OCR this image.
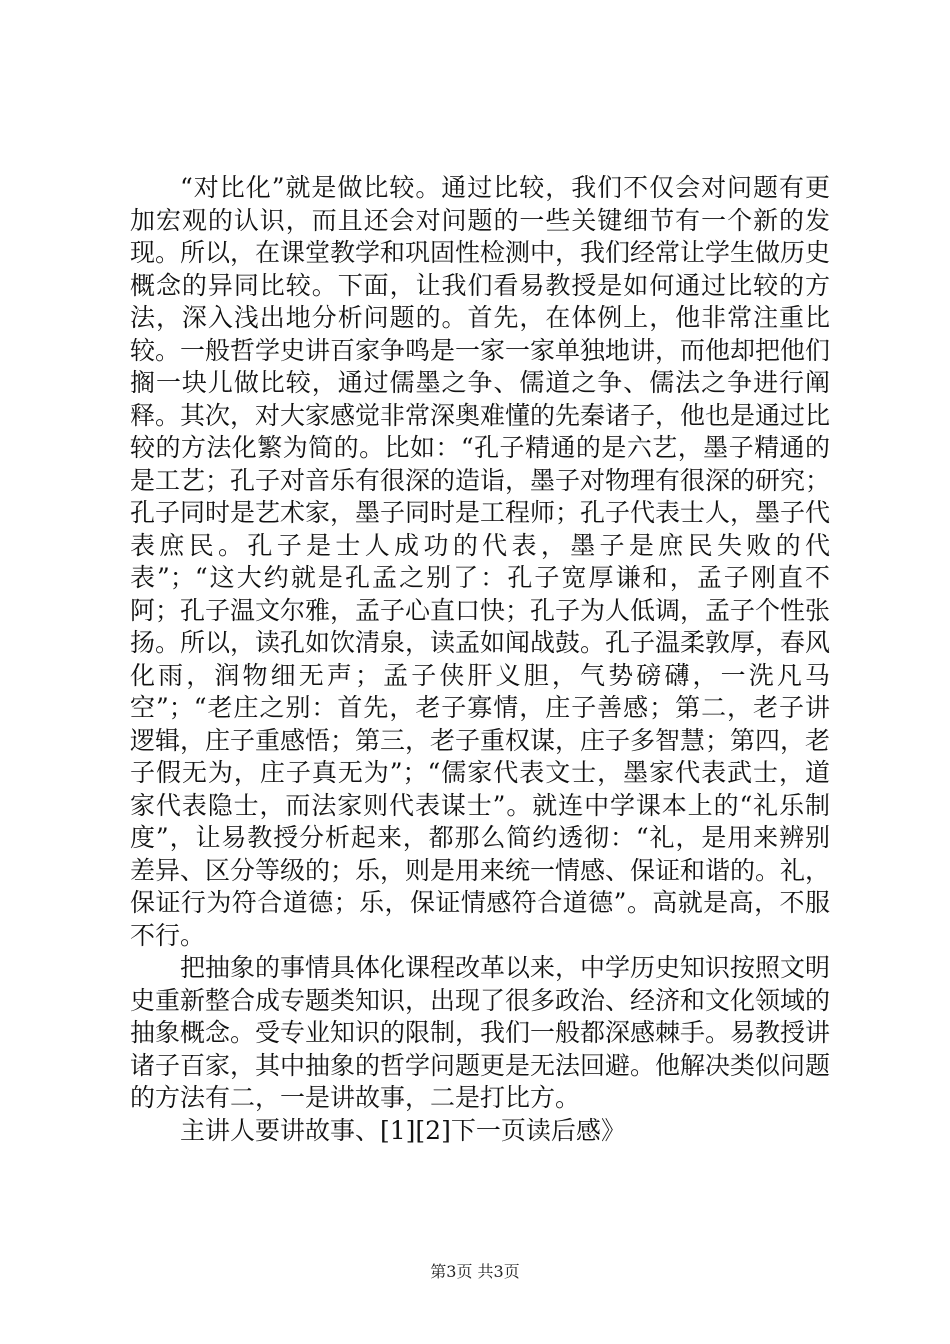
“对比化”就是做比较。通过比较，我们不仅会对问题有更加宏观的认识，而且还会对问题的一些关键细节有一个新的发现。所以，在课堂教学和巩固性检测中，我们经常让学生做历史概念的异同比较。下面，让我们看易教授是如何通过比较的方法，深入浅出地分析问题的。首先，在体例上，他非常注重比较。一般哲学史讲百家争鸣是一家一家单独地讲，而他却把他们搁一块儿做比较，通过儒墨之争、儒道之争、儒法之争进行阐释。其次，对大家感觉非常深奥难懂的先秦诸子，他也是通过比较的方法化繁为简的。比如：“孔子精通的是六艺，墨子精通的是工艺；孔子对音乐有很深的造诣，墨子对物理有很深的研究；孔子同时是艺术家，墨子同时是工程师；孔子代表士人，墨子代表庶民。孔子是士人成功的代表，墨子是庶民失败的代表”；“这大约就是孔孟之别了：孔子宽厚谦和，孟子刚直不阿；孔子温文尔雅，孟子心直口快；孔子为人低调，孟子个性张扬。所以，读孔如饮清泉，读孟如闻战鼓。孔子温柔敦厚，春风化雨，润物细无声；孟子侠肝义胆，气势磅礴，一洗凡马空”；“老庄之别：首先，老子寡情，庄子善感；第二，老子讲逻辑，庄子重感悟；第三，老子重权谋，庄子多智慧；第四，老子假无为，庄子真无为”；“儒家代表文士，墨家代表武士，道家代表隐士，而法家则代表谋士”。就连中学课本上的“礼乐制度”，让易教授分析起来，都那么简约透彻：“礼，是用来辨别差异、区分等级的；乐，则是用来统一情感、保证和谐的。礼，保证行为符合道德；乐，保证情感符合道德”。高就是高，不服不行。

把抽象的事情具体化课程改革以来，中学历史知识按照文明史重新整合成专题类知识，出现了很多政治、经济和文化领域的抽象概念。受专业知识的限制，我们一般都深感棘手。易教授讲诸子百家，其中抽象的哲学问题更是无法回避。他解决类似问题的方法有二，一是讲故事，二是打比方。

主讲人要讲故事、[1][2]下一页读后感》

第3页 共3页
